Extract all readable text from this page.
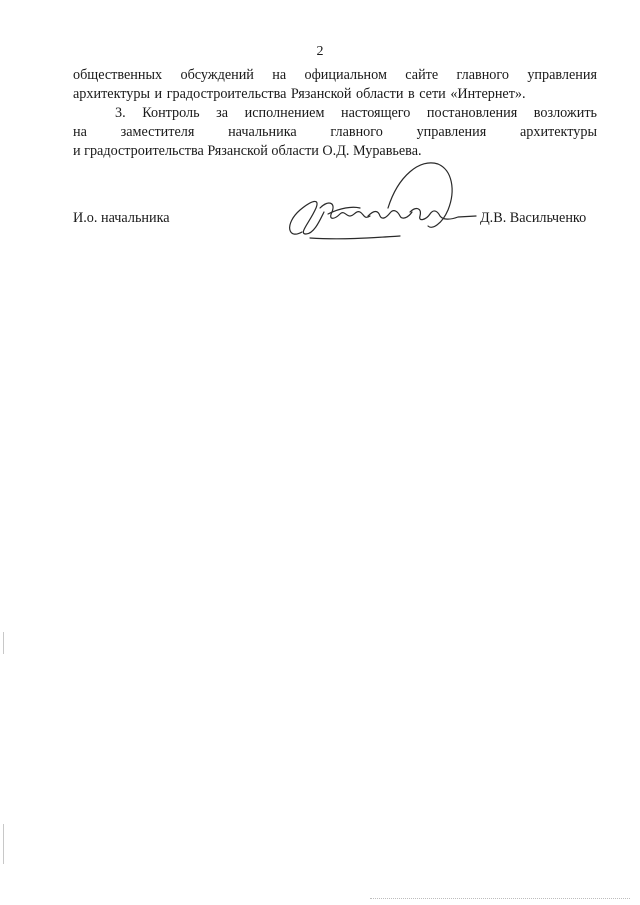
2
общественных обсуждений на официальном сайте главного управления
архитектуры и градостроительства Рязанской области в сети «Интернет».
3. Контроль за исполнением настоящего постановления возложить
на заместителя начальника главного управления архитектуры
и градостроительства Рязанской области О.Д. Муравьева.
И.о. начальника	Д.В. Васильченко
